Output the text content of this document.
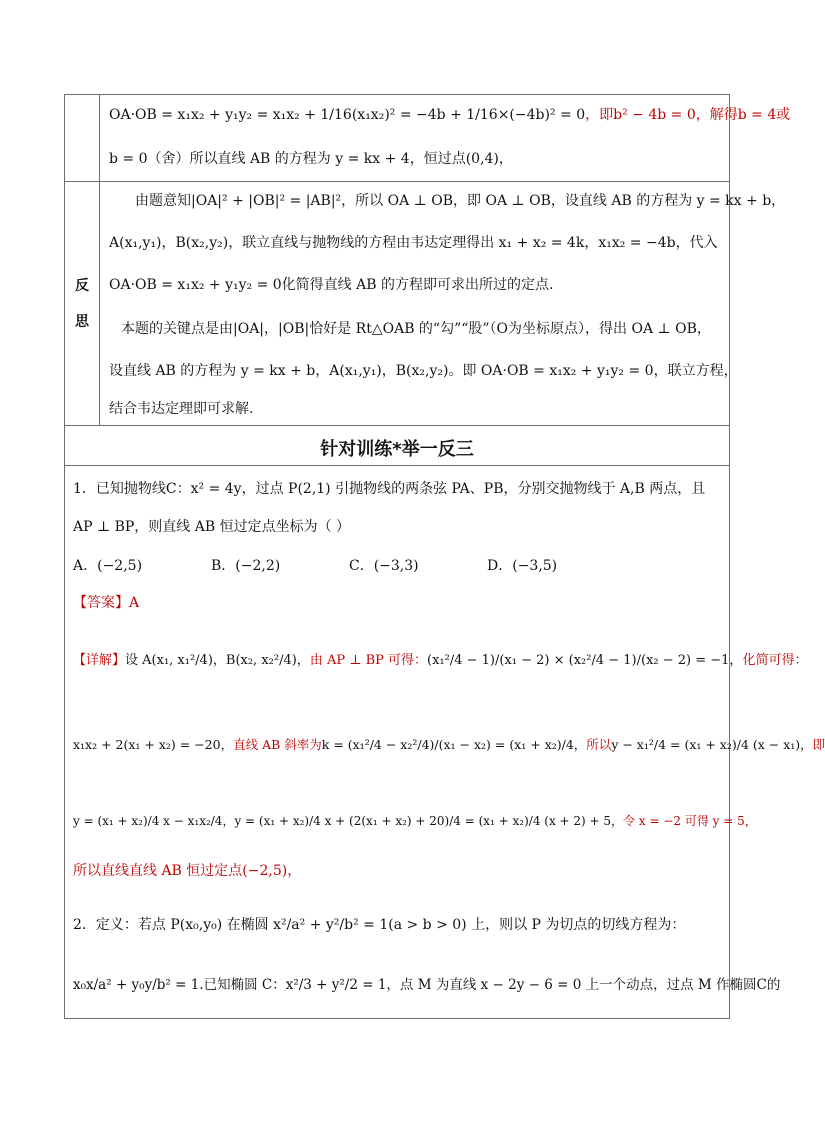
OA·OB = x₁x₂ + y₁y₂ = x₁x₂ + 1/16(x₁x₂)² = −4b + 1/16×(−4b)² = 0，即b² − 4b = 0，解得b = 4或
b = 0（舍）所以直线 AB 的方程为 y = kx + 4，恒过点(0,4)，
反
思
由题意知|OA|² + |OB|² = |AB|²，所以 OA ⊥ OB，即 OA ⊥ OB，设直线 AB 的方程为 y = kx + b，
A(x₁,y₁)，B(x₂,y₂)，联立直线与抛物线的方程由韦达定理得出 x₁ + x₂ = 4k，x₁x₂ = −4b，代入
OA·OB = x₁x₂ + y₁y₂ = 0化简得直线 AB 的方程即可求出所过的定点.
本题的关键点是由|OA|，|OB|恰好是 Rt△OAB 的“勾”“股”（O为坐标原点），得出 OA ⊥ OB，
设直线 AB 的方程为 y = kx + b，A(x₁,y₁)，B(x₂,y₂)。即 OA·OB = x₁x₂ + y₁y₂ = 0，联立方程，
结合韦达定理即可求解.
针对训练*举一反三
1．已知抛物线C：x² = 4y，过点 P(2,1) 引抛物线的两条弦 PA、PB，分别交抛物线于 A,B 两点，且
AP ⊥ BP，则直线 AB 恒过定点坐标为（ ）
A．(−2,5)	B．(−2,2)	C．(−3,3)	D．(−3,5)
【答案】A
【详解】设 A(x₁, x₁²/4)，B(x₂, x₂²/4)，由 AP ⊥ BP 可得：(x₁²/4 − 1)/(x₁ − 2) × (x₂²/4 − 1)/(x₂ − 2) = −1，化简可得：
x₁x₂ + 2(x₁ + x₂) = −20，直线 AB 斜率为k = (x₁²/4 − x₂²/4)/(x₁ − x₂) = (x₁ + x₂)/4，所以y − x₁²/4 = (x₁ + x₂)/4 (x − x₁)，即
y = (x₁ + x₂)/4 x − x₁x₂/4，y = (x₁ + x₂)/4 x + (2(x₁ + x₂) + 20)/4 = (x₁ + x₂)/4 (x + 2) + 5，令 x = −2 可得 y = 5，
所以直线直线 AB 恒过定点(−2,5)，
2．定义：若点 P(x₀,y₀) 在椭圆 x²/a² + y²/b² = 1(a > b > 0) 上，则以 P 为切点的切线方程为：
x₀x/a² + y₀y/b² = 1.已知椭圆 C：x²/3 + y²/2 = 1，点 M 为直线 x − 2y − 6 = 0 上一个动点，过点 M 作椭圆C的
